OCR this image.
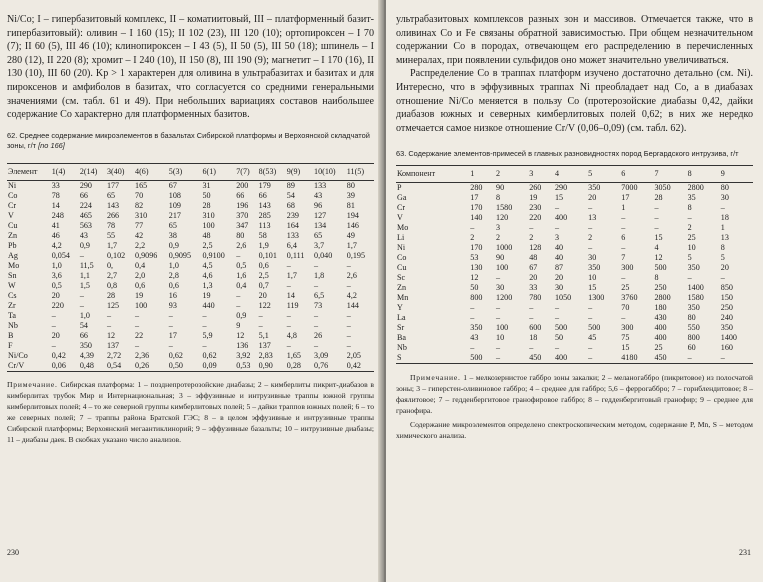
Ni/Co; I – гипербазитовый комплекс, II – коматиитовый, III – платформенный базит-гипербазитовый): оливин – I 160 (15); II 102 (23), III 120 (10); ортопироксен – I 70 (7); II 60 (5), III 46 (10); клинопироксен – I 43 (5), II 50 (5), III 50 (18); шпинель – I 280 (12), II 220 (8); хромит – I 240 (10), II 150 (8), III 190 (9); магнетит – I 170 (16), II 130 (10), III 60 (20). Kр > 1 характерен для оливина в ультрабазитах и базитах и для пироксенов и амфиболов в базитах, что согласуется со средними генеральными значениями (см. табл. 61 и 49). При небольших вариациях составов наибольшее содержание Co характерно для платформенных базитов.

62. Среднее содержание микроэлементов в базальтах Сибирской платформы и Верхоянской складчатой зоны, г/т [no 166]

Элемент	1(4)	2(14)	3(40)	4(6)	5(3)	6(1)	7(7)	8(53)	9(9)	10(10)	11(5)
Ni	33	290	177	165	67	31	200	179	89	133	80
Co	78	66	65	70	108	50	66	66	54	43	39
Cr	14	224	143	82	109	28	196	143	68	96	81
V	248	465	266	310	217	310	370	285	239	127	194
Cu	41	563	78	77	65	100	347	113	164	134	146
Zn	46	43	55	42	38	48	80	58	133	65	49
Pb	4,2	0,9	1,7	2,2	0,9	2,5	2,6	1,9	6,4	3,7	1,7
Ag	0,054	–	0,102	0,9096	0,9095	0,9100	–	0,101	0,111	0,040	0,195
Mo	1,0	11,5	0,	0,4	1,0	4,5	0,5	0,6	–	–	–
Sn	3,6	1,1	2,7	2,0	2,8	4,6	1,6	2,5	1,7	1,8	2,6
W	0,5	1,5	0,8	0,6	0,6	1,3	0,4	0,7	–	–	–
Cs	20	–	28	19	16	19	–	20	14	6,5	4,2
Zr	220	–	125	100	93	440	–	122	119	73	144
Ta	–	1,0	–	–	–	–	0,9	–	–	–	–
Nb	–	54	–	–	–	–	9	–	–	–	–
B	20	66	12	22	17	5,9	12	5,1	4,8	26	–
F	–	350	137	–	–	–	136	137	–	–	–
Ni/Co	0,42	4,39	2,72	2,36	0,62	0,62	3,92	2,83	1,65	3,09	2,05
Cr/V	0,06	0,48	0,54	0,26	0,50	0,09	0,53	0,90	0,28	0,76	0,42

Примечание. Сибирская платформа: 1 – позднепротерозойские диабазы; 2 – кимберлиты пикрит-диабазов в кимберлитах трубок Мир и Интернациональная; 3 – эффузивные и интрузивные траппы южной группы кимберлитовых полей; 4 – то же северной группы кимберлитовых полей; 5 – дайки траппов южных полей; 6 – то же северных полей; 7 – траппы района Братской ГЭС; 8 – в целом эффузивные и интрузивные траппы Сибирской платформы; Верхоянский мегаантиклинорий; 9 – эффузивные базальты; 10 – интрузивные диабазы; 11 – диабазы даек. В скобках указано число анализов.

230

ультрабазитовых комплексов разных зон и массивов. Отмечается также, что в оливинах Co и Fe связаны обратной зависимостью. При общем незначительном содержании Co в породах, отвечающем его распределению в перечисленных минералах, при появлении сульфидов оно может значительно увеличиваться.

Распределение Co в траппах платформ изучено достаточно детально (см. Ni). Интересно, что в эффузивных траппах Ni преобладает над Co, а в диабазах отношение Ni/Co меняется в пользу Co (протерозойские диабазы 0,42, дайки диабазов южных и северных кимберлитовых полей 0,62; в них же нередко отмечается самое низкое отношение Cr/V (0,06–0,09) (см. табл. 62).

63. Содержание элементов-примесей в главных разновидностях пород Бергардского интрузива, г/т

Компонент	1	2	3	4	5	6	7	8	9
P	280	90	260	290	350	7000	3050	2800	80
Ga	17	8	19	15	20	17	28	35	30
Cr	170	1580	230	–	–	1	–	8	–
V	140	120	220	400	13	–	–	–	18
Mo	–	3	–	–	–	–	–	2	1
Li	2	2	2	3	2	6	15	25	13
Ni	170	1000	128	40	–	–	4	10	8
Co	53	90	48	40	30	7	12	5	5
Cu	130	100	67	87	350	300	500	350	20
Sc	12	–	20	20	10	–	8	–	–
Zn	50	30	33	30	15	25	250	1400	850
Mn	800	1200	780	1050	1300	3760	2800	1580	150
Y	–	–	–	–	–	70	180	350	250
La	–	–	–	–	–	–	430	80	240
Sr	350	100	600	500	500	300	400	550	350
Ba	43	10	18	50	45	75	400	800	1400
Nb	–	–	–	–	–	15	25	60	160
S	500	–	450	400	–	4180	450	–	–

Примечание. 1 – мелкозернистое габбро зоны закалки; 2 – меланогаббро (пикритовое) из полосчатой зоны; 3 – гиперстен-оливиновое габбро; 4 – среднее для габбро; 5,6 – феррогаббро; 7 – горнблендитовое; 8 – фаялитовое; 7 – гедденбергитовое гранофировое габбро; 8 – гедденбергитовый гранофир; 9 – среднее для гранофира.

Содержание микроэлементов определено спектроскопическим методом, содержание P, Mn, S – методом химического анализа.

231
